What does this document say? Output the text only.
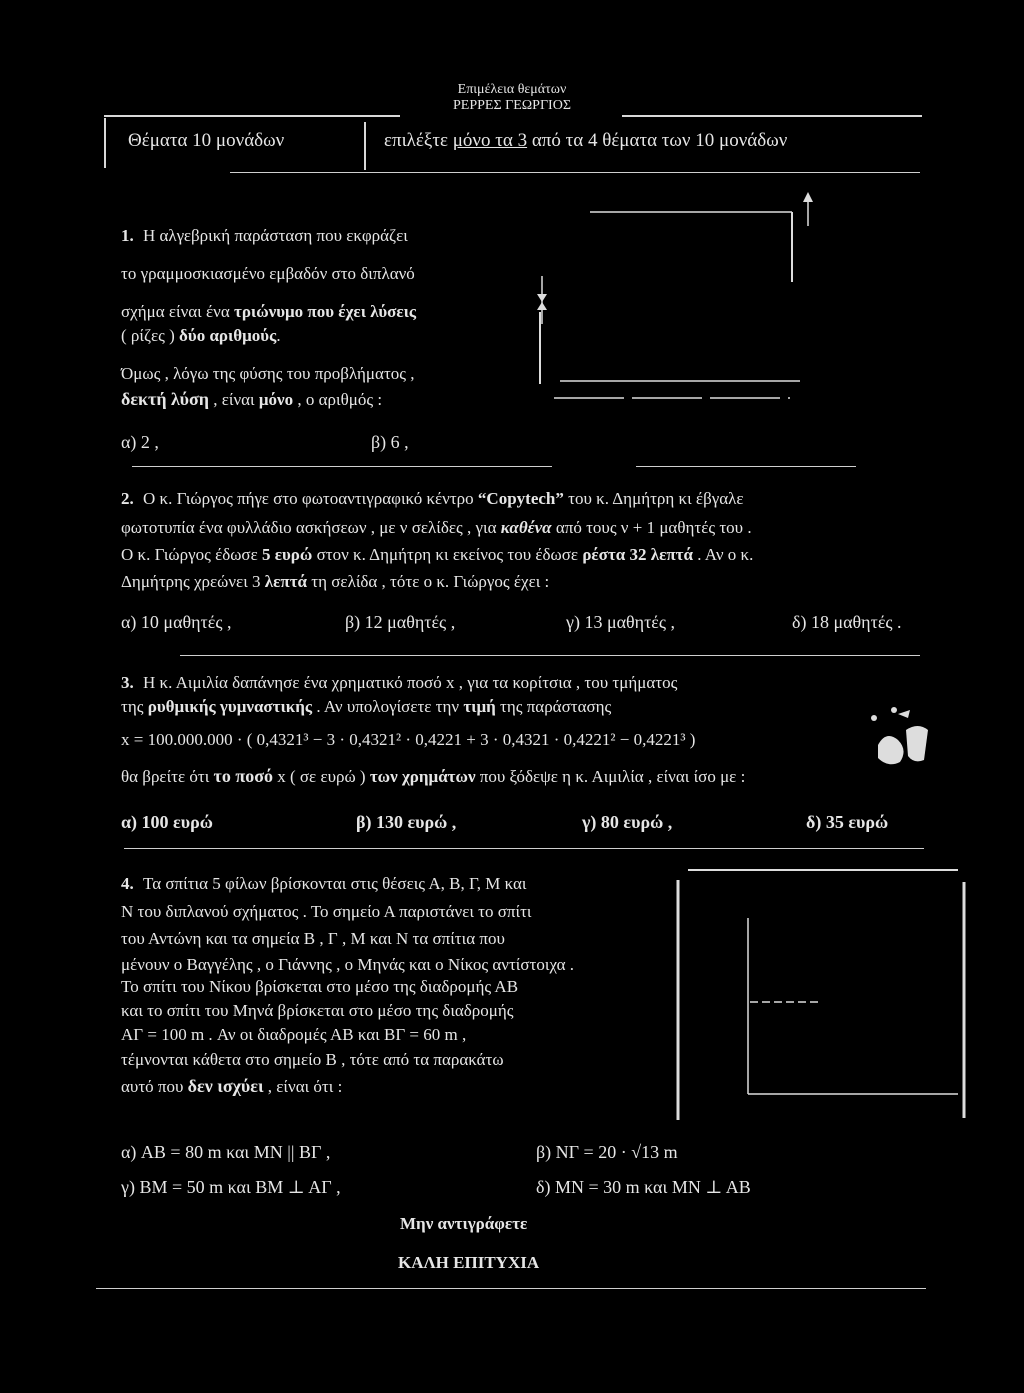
Επιμέλεια θεμάτων
ΡΕΡΡΕΣ ΓΕΩΡΓΙΟΣ
Θέματα 10 μονάδων	επιλέξτε μόνο τα 3 από τα 4 θέματα των 10 μονάδων
1. Η αλγεβρική παράσταση που εκφράζει
το γραμμοσκιασμένο εμβαδόν στο διπλανό
σχήμα είναι ένα τριώνυμο που έχει λύσεις
( ρίζες ) δύο αριθμούς.
Όμως , λόγω της φύσης του προβλήματος ,
δεκτή λύση , είναι μόνο , ο αριθμός :
α) 2 ,	β) 6 ,
2. Ο κ. Γιώργος πήγε στο φωτοαντιγραφικό κέντρο “Copytech” του κ. Δημήτρη κι έβγαλε
φωτοτυπία ένα φυλλάδιο ασκήσεων , με ν σελίδες , για καθένα από τους ν + 1 μαθητές του .
Ο κ. Γιώργος έδωσε 5 ευρώ στον κ. Δημήτρη κι εκείνος του έδωσε ρέστα 32 λεπτά . Αν ο κ.
Δημήτρης χρεώνει 3 λεπτά τη σελίδα , τότε ο κ. Γιώργος έχει :
α) 10 μαθητές ,	β) 12 μαθητές ,	γ) 13 μαθητές ,	δ) 18 μαθητές .
3. Η κ. Αιμιλία δαπάνησε ένα χρηματικό ποσό x , για τα κορίτσια , του τμήματος
της ρυθμικής γυμναστικής . Αν υπολογίσετε την τιμή της παράστασης
x = 100.000.000 · ( 0,4321³ − 3 · 0,4321² · 0,4221 + 3 · 0,4321 · 0,4221² − 0,4221³ )
θα βρείτε ότι το ποσό x ( σε ευρώ ) των χρημάτων που ξόδεψε η κ. Αιμιλία , είναι ίσο με :
α) 100 ευρώ	β) 130 ευρώ ,	γ) 80 ευρώ ,	δ) 35 ευρώ
4. Τα σπίτια 5 φίλων βρίσκονται στις θέσεις Α, Β, Γ, Μ και
Ν του διπλανού σχήματος . Το σημείο Α παριστάνει το σπίτι
του Αντώνη και τα σημεία Β , Γ , Μ και Ν τα σπίτια που
μένουν ο Βαγγέλης , ο Γιάννης , ο Μηνάς και ο Νίκος αντίστοιχα .
Το σπίτι του Νίκου βρίσκεται στο μέσο της διαδρομής ΑΒ
και το σπίτι του Μηνά βρίσκεται στο μέσο της διαδρομής
ΑΓ = 100 m . Αν οι διαδρομές ΑΒ και ΒΓ = 60 m ,
τέμνονται κάθετα στο σημείο Β , τότε από τα παρακάτω
αυτό που δεν ισχύει , είναι ότι :
α) AB = 80 m και MN || BΓ ,	β) NΓ = 20 · √13 m
γ) BM = 50 m και BM ⊥ AΓ ,	δ) MN = 30 m και MN ⊥ AB
Μην αντιγράφετε
ΚΑΛΗ ΕΠΙΤΥΧΙΑ
